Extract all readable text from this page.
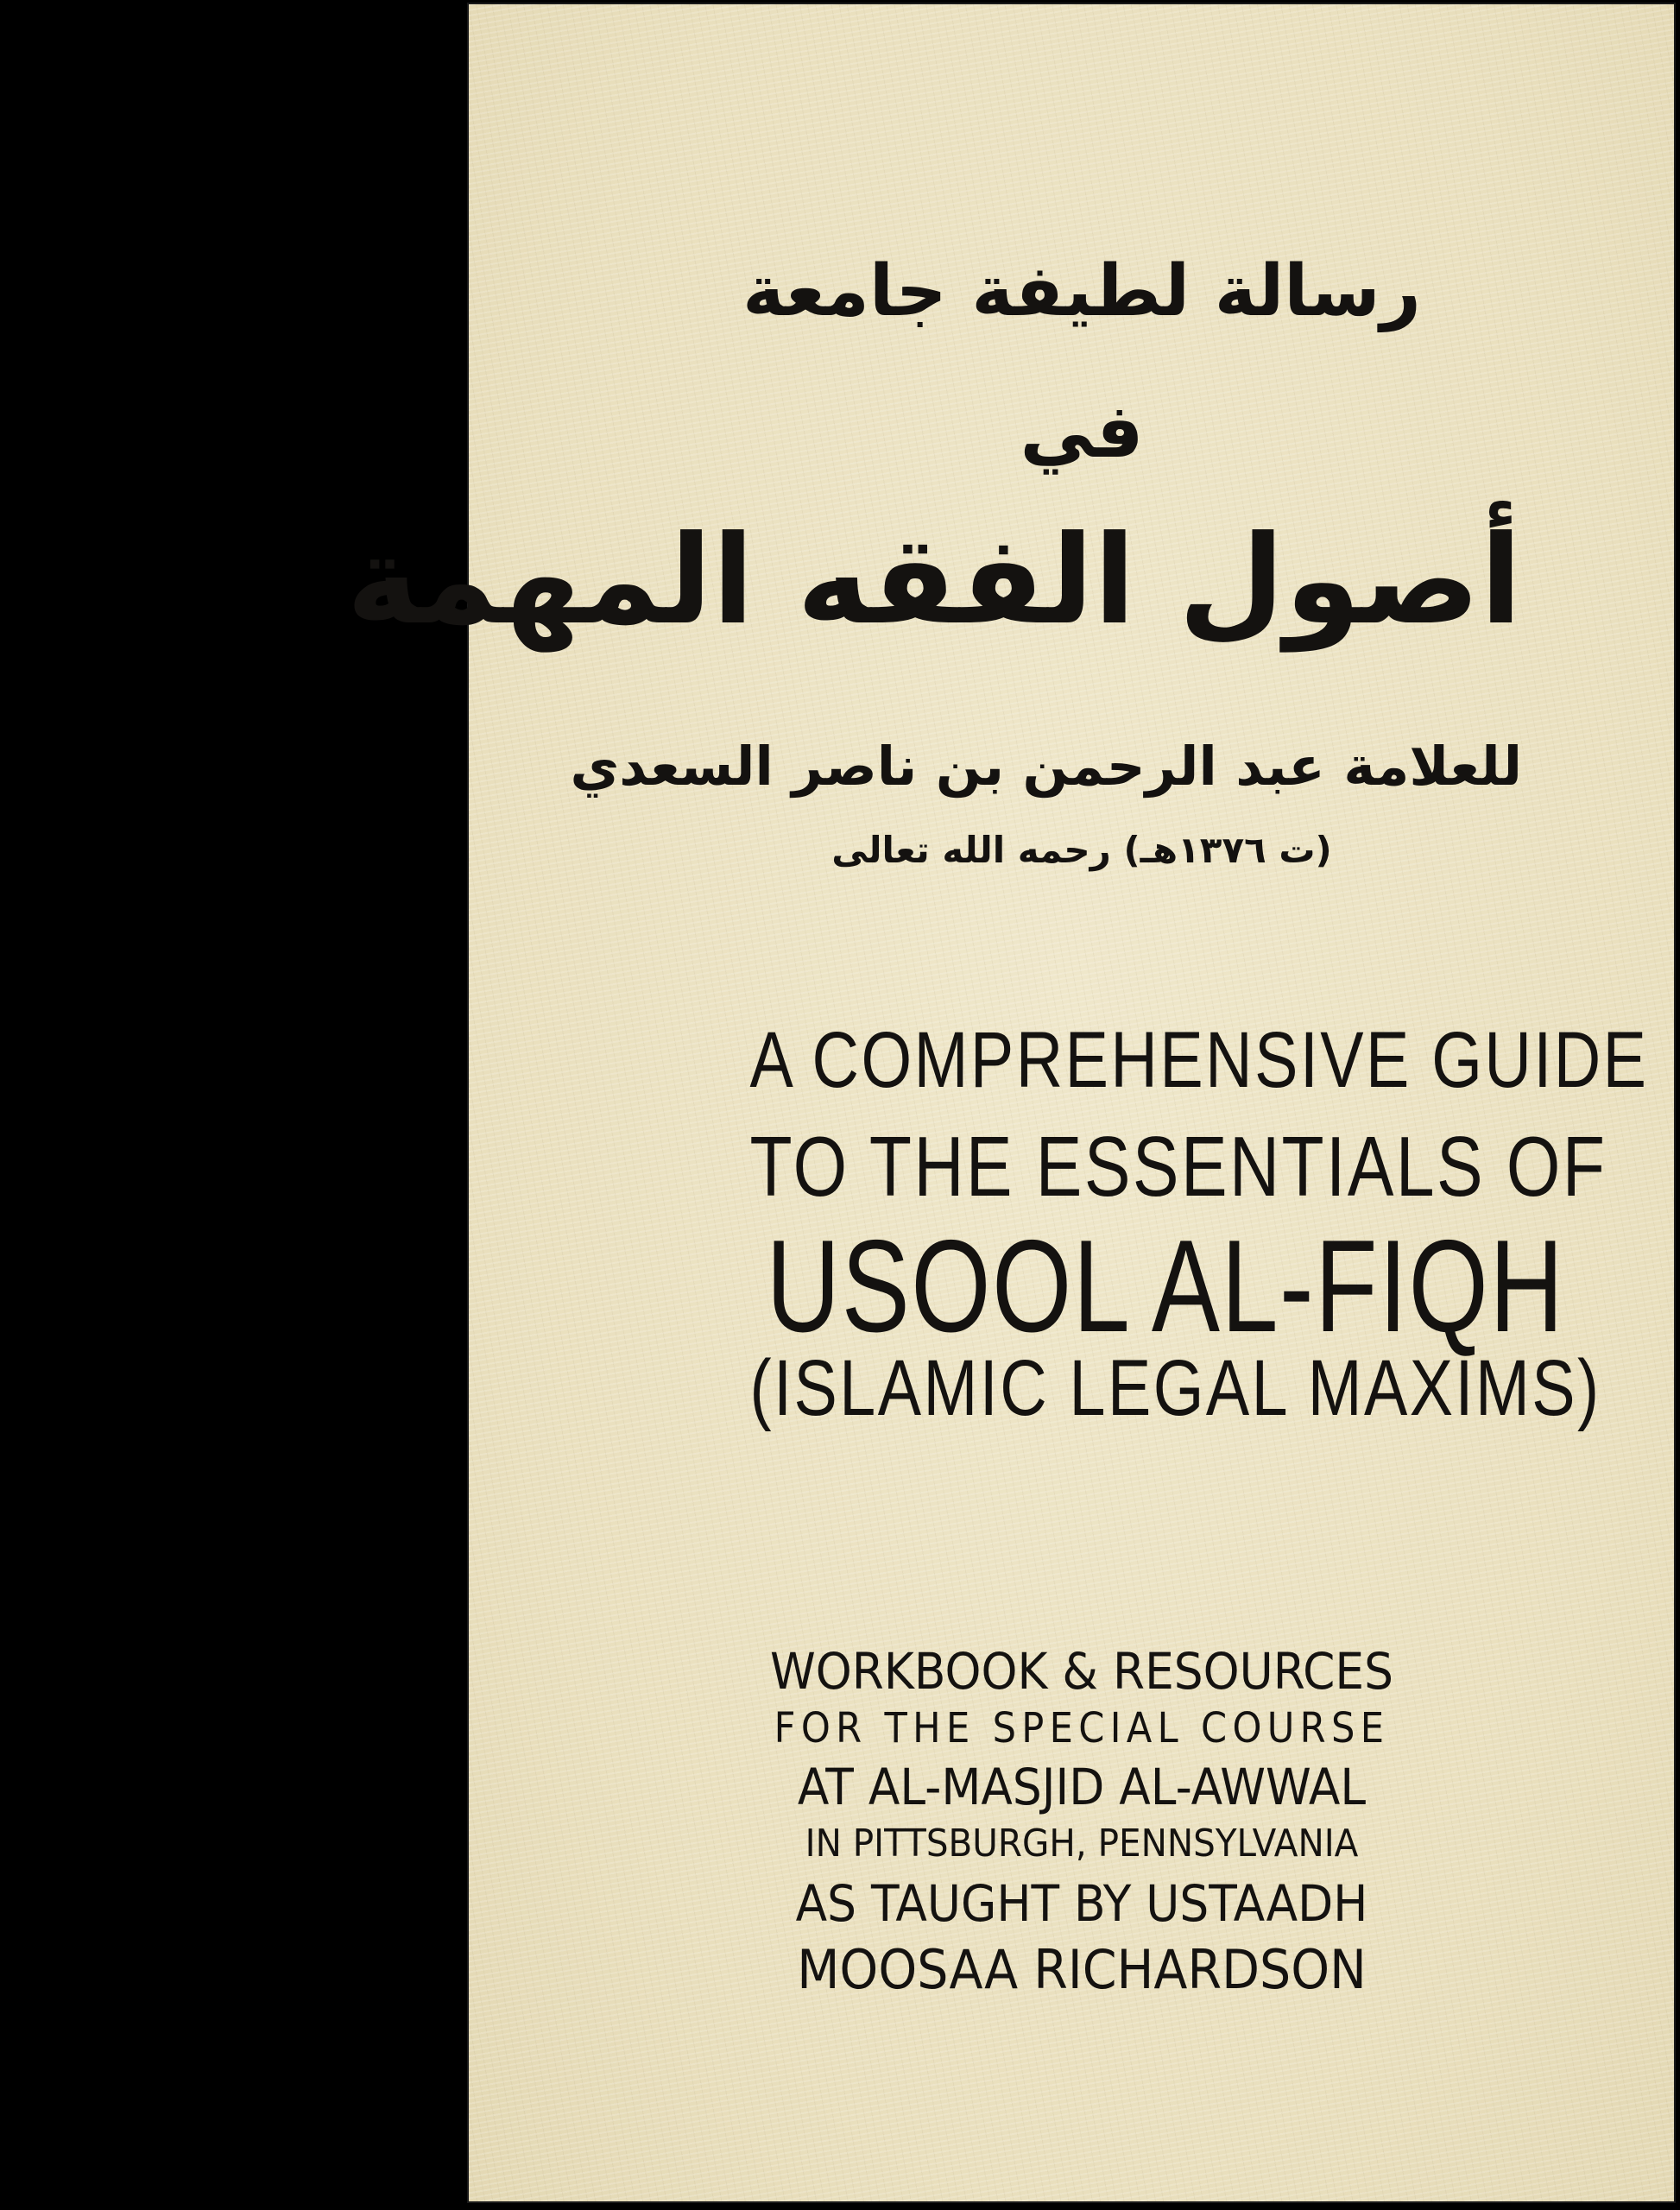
رسالة لطيفة جامعة
في
أصول الفقه المهمة
للعلامة عبد الرحمن بن ناصر السعدي
(ت ١٣٧٦هـ) رحمه الله تعالى
A COMPREHENSIVE GUIDE
TO THE ESSENTIALS OF
USOOL AL-FIQH
(ISLAMIC LEGAL MAXIMS)
WORKBOOK & RESOURCES
FOR THE SPECIAL COURSE
AT AL-MASJID AL-AWWAL
IN PITTSBURGH, PENNSYLVANIA
AS TAUGHT BY USTAADH
MOOSAA RICHARDSON
